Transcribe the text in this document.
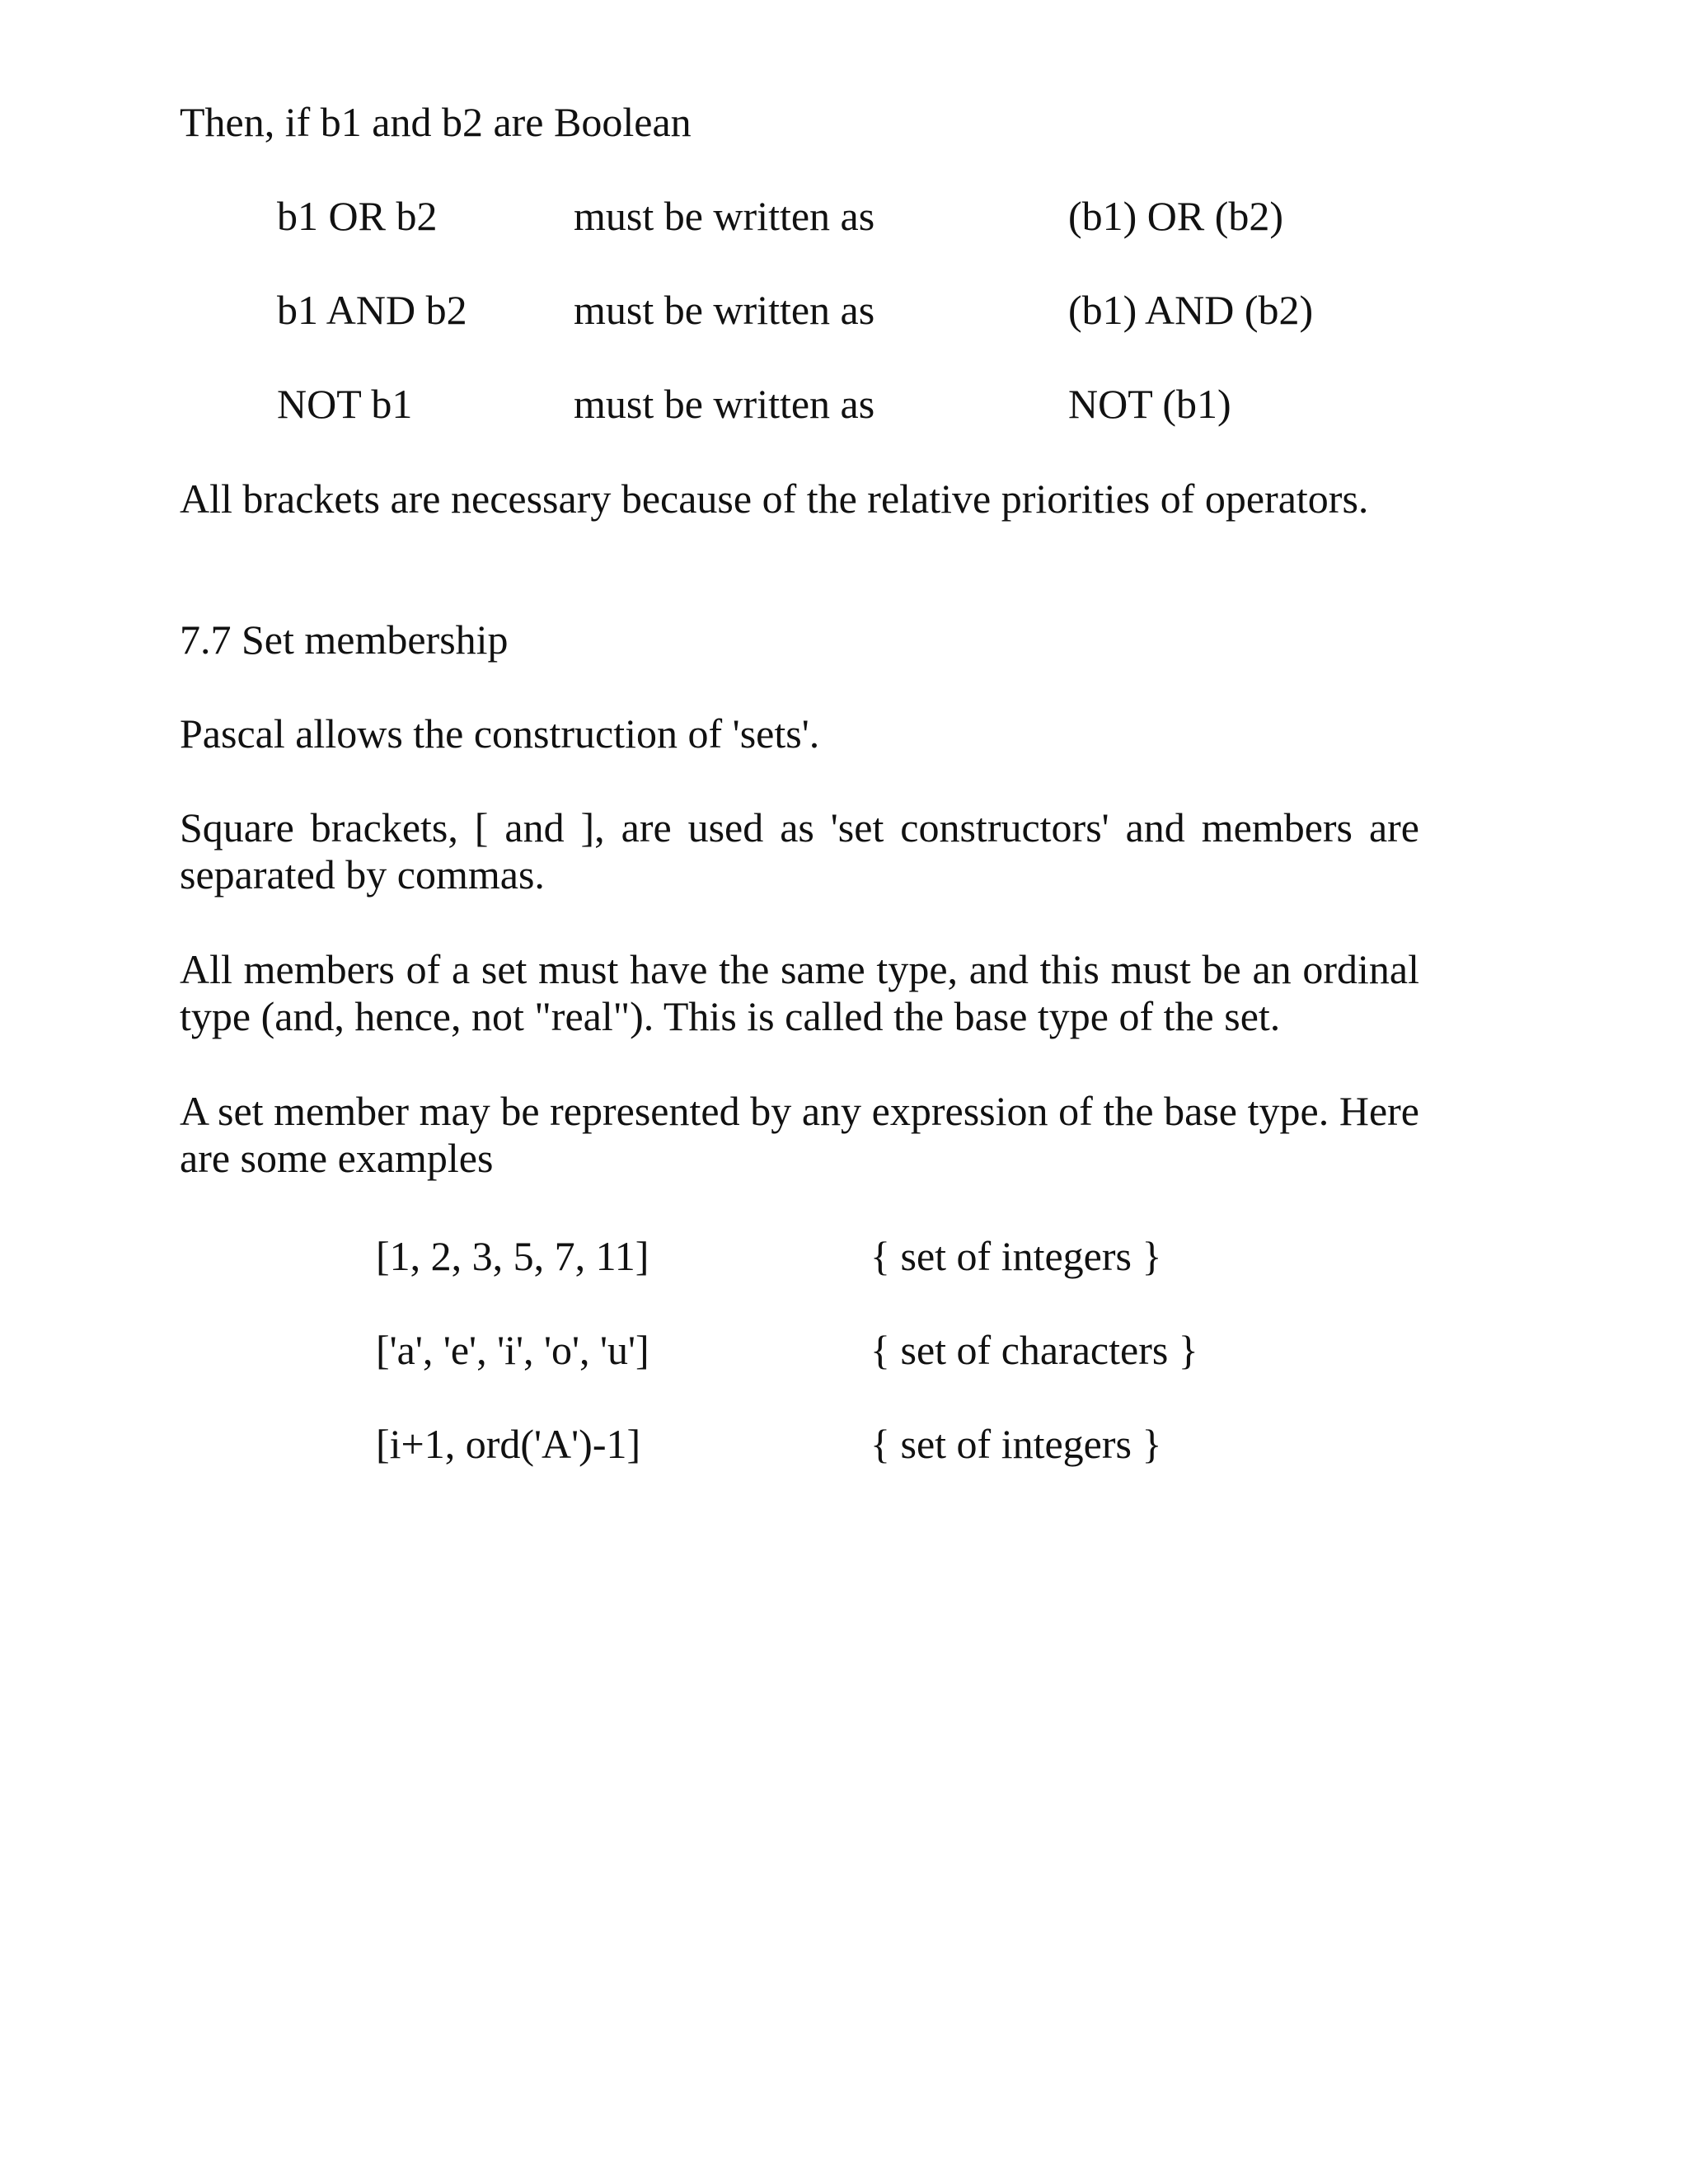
Then, if b1 and b2 are Boolean
b1 OR b2	must be written as	(b1) OR (b2)
b1 AND b2	must be written as	(b1) AND (b2)
NOT b1	must be written as	NOT (b1)
All brackets are necessary because of the relative priorities of operators.
7.7 Set membership
Pascal allows the construction of 'sets'.
Square brackets, [ and ], are used as 'set constructors' and members are separated by commas.
All members of a set must have the same type, and this must be an ordinal type (and, hence, not "real"). This is called the base type of the set.
A set member may be represented by any expression of the base type. Here are some examples
[1, 2, 3, 5, 7, 11]	{ set of integers }
['a', 'e', 'i', 'o', 'u']	{ set of characters }
[i+1, ord('A')-1]	{ set of integers }
